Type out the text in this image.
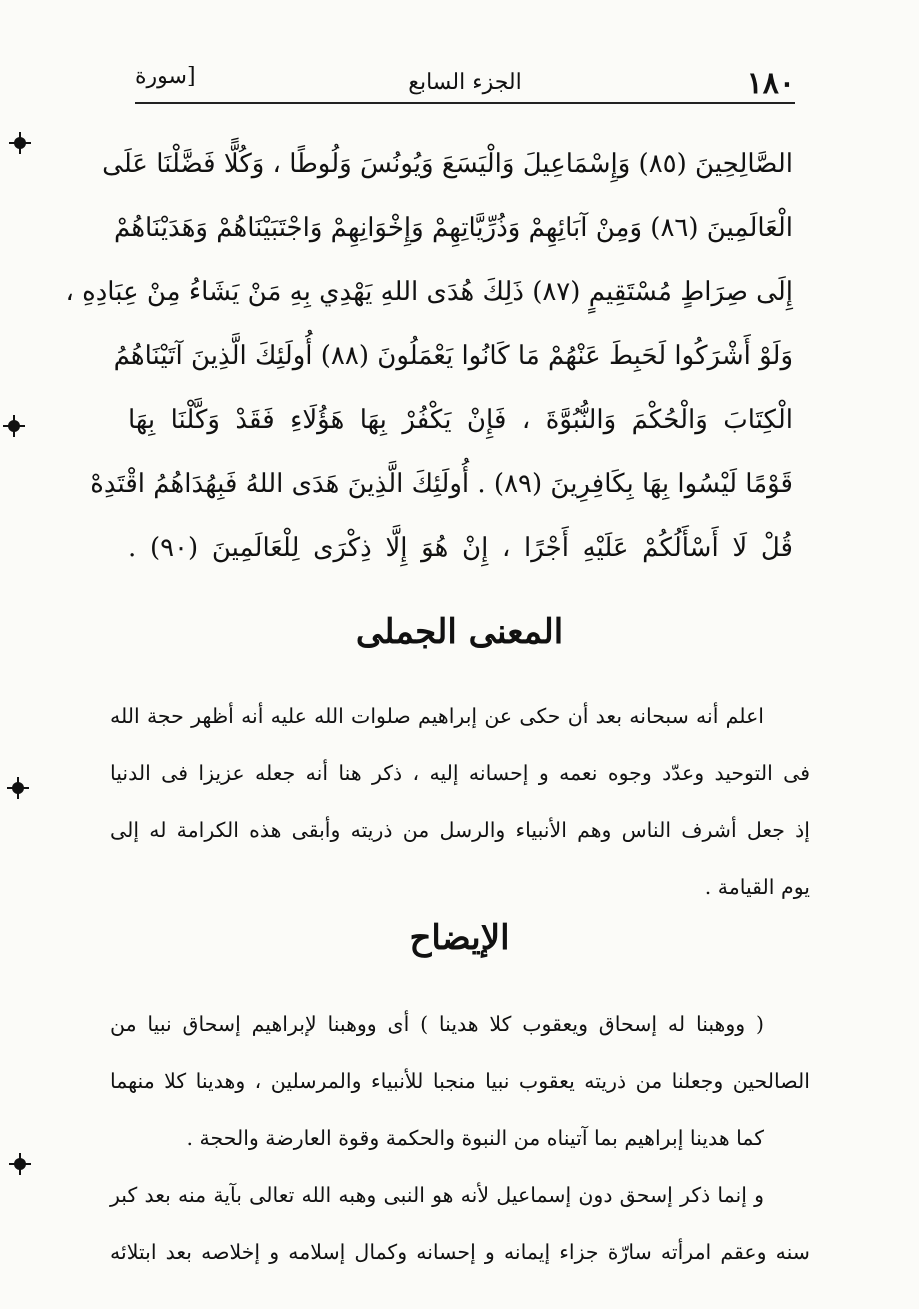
١٨٠
الجزء السابع
[سورة
الصَّالِحِينَ (٨٥) وَإِسْمَاعِيلَ وَالْيَسَعَ وَيُونُسَ وَلُوطًا ، وَكُلًّا فَضَّلْنَا عَلَى
الْعَالَمِينَ (٨٦) وَمِنْ آبَائِهِمْ وَذُرِّيَّاتِهِمْ وَإِخْوَانِهِمْ وَاجْتَبَيْنَاهُمْ وَهَدَيْنَاهُمْ
إِلَى صِرَاطٍ مُسْتَقِيمٍ (٨٧) ذَلِكَ هُدَى اللهِ يَهْدِي بِهِ مَنْ يَشَاءُ مِنْ عِبَادِهِ ،
وَلَوْ أَشْرَكُوا لَحَبِطَ عَنْهُمْ مَا كَانُوا يَعْمَلُونَ (٨٨) أُولَئِكَ الَّذِينَ آتَيْنَاهُمُ
الْكِتَابَ وَالْحُكْمَ وَالنُّبُوَّةَ ، فَإِنْ يَكْفُرْ بِهَا هَؤُلَاءِ فَقَدْ وَكَّلْنَا بِهَا
قَوْمًا لَيْسُوا بِهَا بِكَافِرِينَ (٨٩) . أُولَئِكَ الَّذِينَ هَدَى اللهُ فَبِهُدَاهُمُ اقْتَدِهْ
قُلْ لَا أَسْأَلُكُمْ عَلَيْهِ أَجْرًا ، إِنْ هُوَ إِلَّا ذِكْرَى لِلْعَالَمِينَ (٩٠) .
المعنى الجملى
اعلم أنه سبحانه بعد أن حكى عن إبراهيم صلوات الله عليه أنه أظهر حجة الله
فى التوحيد وعدّد وجوه نعمه و إحسانه إليه ، ذكر هنا أنه جعله عزيزا فى الدنيا
إذ جعل أشرف الناس وهم الأنبياء والرسل من ذريته وأبقى هذه الكرامة له إلى
يوم القيامة .
الإيضاح
( ووهبنا له إسحاق ويعقوب كلا هدينا ) أى ووهبنا لإبراهيم إسحاق نبيا من
الصالحين وجعلنا من ذريته يعقوب نبيا منجبا للأنبياء والمرسلين ، وهدينا كلا منهما
كما هدينا إبراهيم بما آتيناه من النبوة والحكمة وقوة العارضة والحجة .
و إنما ذكر إسحق دون إسماعيل لأنه هو النبى وهبه الله تعالى بآية منه بعد كبر
سنه وعقم امرأته سارّة جزاء إيمانه و إحسانه وكمال إسلامه و إخلاصه بعد ابتلائه
